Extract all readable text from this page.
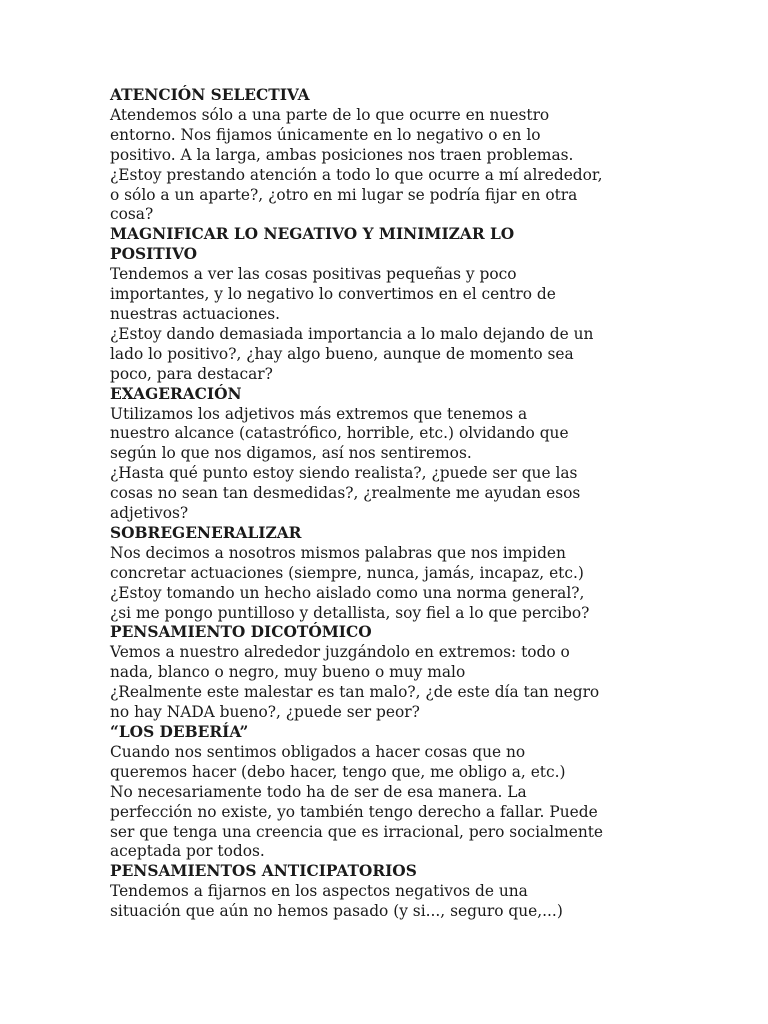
ATENCIÓN SELECTIVA

Atendemos sólo a una parte de lo que ocurre en nuestro

entorno. Nos fijamos únicamente en lo negativo o en lo

positivo. A la larga, ambas posiciones nos traen problemas.

¿Estoy prestando atención a todo lo que ocurre a mí alrededor,

o sólo a un aparte?, ¿otro en mi lugar se podría fijar en otra

cosa?

MAGNIFICAR LO NEGATIVO Y MINIMIZAR LO
POSITIVO

Tendemos a ver las cosas positivas pequeñas y poco

importantes, y lo negativo lo convertimos en el centro de

nuestras actuaciones.

¿Estoy dando demasiada importancia a lo malo dejando de un

lado lo positivo?, ¿hay algo bueno, aunque de momento sea

poco, para destacar?

EXAGERACIÓN

Utilizamos los adjetivos más extremos que tenemos a

nuestro alcance (catastrófico, horrible, etc.) olvidando que

según lo que nos digamos, así nos sentiremos.

¿Hasta qué punto estoy siendo realista?, ¿puede ser que las

cosas no sean tan desmedidas?, ¿realmente me ayudan esos

adjetivos?

SOBREGENERALIZAR

Nos decimos a nosotros mismos palabras que nos impiden

concretar actuaciones (siempre, nunca, jamás, incapaz, etc.)

¿Estoy tomando un hecho aislado como una norma general?,

¿si me pongo puntilloso y detallista, soy fiel a lo que percibo?

PENSAMIENTO DICOTÓMICO

Vemos a nuestro alrededor juzgándolo en extremos: todo o

nada, blanco o negro, muy bueno o muy malo

¿Realmente este malestar es tan malo?, ¿de este día tan negro

no hay NADA bueno?, ¿puede ser peor?

“LOS DEBERÍA”

Cuando nos sentimos obligados a hacer cosas que no

queremos hacer (debo hacer, tengo que, me obligo a, etc.)

No necesariamente todo ha de ser de esa manera. La

perfección no existe, yo también tengo derecho a fallar. Puede

ser que tenga una creencia que es irracional, pero socialmente

aceptada por todos.

PENSAMIENTOS ANTICIPATORIOS

Tendemos a fijarnos en los aspectos negativos de una

situación que aún no hemos pasado (y si..., seguro que,...)
